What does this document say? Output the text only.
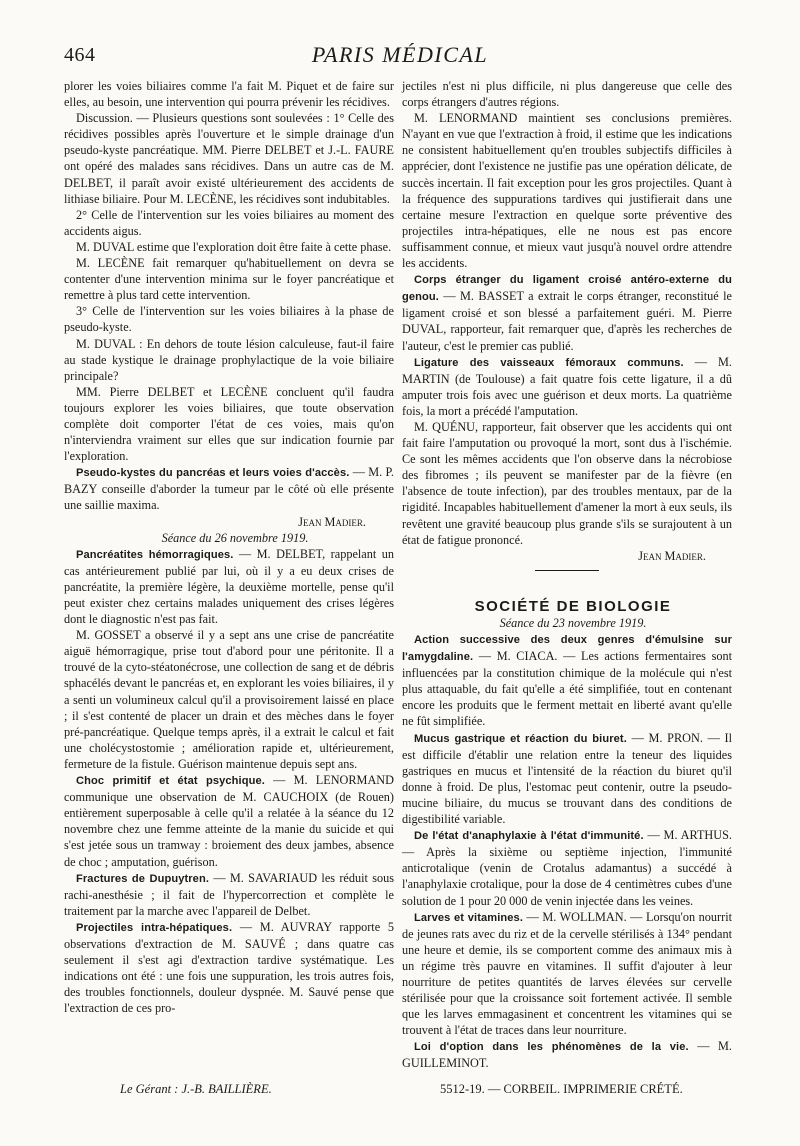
464	PARIS MÉDICAL

plorer les voies biliaires comme l'a fait M. Piquet et de faire sur elles, au besoin, une intervention qui pourra prévenir les récidives.

Discussion. — Plusieurs questions sont soulevées : 1° Celle des récidives possibles après l'ouverture et le simple drainage d'un pseudo-kyste pancréatique. MM. Pierre DELBET et J.-L. FAURE ont opéré des malades sans récidives. Dans un autre cas de M. DELBET, il paraît avoir existé ultérieurement des accidents de lithiase biliaire. Pour M. LECÈNE, les récidives sont indubitables.

2° Celle de l'intervention sur les voies biliaires au moment des accidents aigus.

M. DUVAL estime que l'exploration doit être faite à cette phase.

M. LECÈNE fait remarquer qu'habituellement on devra se contenter d'une intervention minima sur le foyer pancréatique et remettre à plus tard cette intervention.

3° Celle de l'intervention sur les voies biliaires à la phase de pseudo-kyste.

M. DUVAL : En dehors de toute lésion calculeuse, faut-il faire au stade kystique le drainage prophylactique de la voie biliaire principale?

MM. Pierre DELBET et LECÈNE concluent qu'il faudra toujours explorer les voies biliaires, que toute observation complète doit comporter l'état de ces voies, mais qu'on n'interviendra vraiment sur elles que sur indication fournie par l'exploration.

Pseudo-kystes du pancréas et leurs voies d'accès. — M. P. BAZY conseille d'aborder la tumeur par le côté où elle présente une saillie maxima.

Jean Madier.

Séance du 26 novembre 1919.

Pancréatites hémorragiques. — M. DELBET, rappelant un cas antérieurement publié par lui, où il y a eu deux crises de pancréatite, la première légère, la deuxième mortelle, pense qu'il peut exister chez certains malades uniquement des crises légères dont le diagnostic n'est pas fait.

M. GOSSET a observé il y a sept ans une crise de pancréatite aiguë hémorragique, prise tout d'abord pour une péritonite. Il a trouvé de la cyto-stéatonécrose, une collection de sang et de débris sphacélés devant le pancréas et, en explorant les voies biliaires, il y a senti un volumineux calcul qu'il a provisoirement laissé en place ; il s'est contenté de placer un drain et des mèches dans le foyer pré-pancréatique. Quelque temps après, il a extrait le calcul et fait une cholécystostomie ; amélioration rapide et, ultérieurement, fermeture de la fistule. Guérison maintenue depuis sept ans.

Choc primitif et état psychique. — M. LENORMAND communique une observation de M. CAUCHOIX (de Rouen) entièrement superposable à celle qu'il a relatée à la séance du 12 novembre chez une femme atteinte de la manie du suicide et qui s'est jetée sous un tramway : broiement des deux jambes, absence de choc ; amputation, guérison.

Fractures de Dupuytren. — M. SAVARIAUD les réduit sous rachi-anesthésie ; il fait de l'hypercorrection et complète le traitement par la marche avec l'appareil de Delbet.

Projectiles intra-hépatiques. — M. AUVRAY rapporte 5 observations d'extraction de M. SAUVÉ ; dans quatre cas seulement il s'est agi d'extraction tardive systématique. Les indications ont été : une fois une suppuration, les trois autres fois, des troubles fonctionnels, douleur dyspnée. M. Sauvé pense que l'extraction de ces pro-

jectiles n'est ni plus difficile, ni plus dangereuse que celle des corps étrangers d'autres régions.

M. LENORMAND maintient ses conclusions premières. N'ayant en vue que l'extraction à froid, il estime que les indications ne consistent habituellement qu'en troubles subjectifs difficiles à apprécier, dont l'existence ne justifie pas une opération délicate, de succès incertain. Il fait exception pour les gros projectiles. Quant à la fréquence des suppurations tardives qui justifierait dans une certaine mesure l'extraction en quelque sorte préventive des projectiles intra-hépatiques, elle ne nous est pas encore suffisamment connue, et mieux vaut jusqu'à nouvel ordre attendre les accidents.

Corps étranger du ligament croisé antéro-externe du genou. — M. BASSET a extrait le corps étranger, reconstitué le ligament croisé et son blessé a parfaitement guéri. M. Pierre DUVAL, rapporteur, fait remarquer que, d'après les recherches de l'auteur, c'est le premier cas publié.

Ligature des vaisseaux fémoraux communs. — M. MARTIN (de Toulouse) a fait quatre fois cette ligature, il a dû amputer trois fois avec une guérison et deux morts. La quatrième fois, la mort a précédé l'amputation.

M. QUÉNU, rapporteur, fait observer que les accidents qui ont fait faire l'amputation ou provoqué la mort, sont dus à l'ischémie. Ce sont les mêmes accidents que l'on observe dans la nécrobiose des fibromes ; ils peuvent se manifester par de la fièvre (en l'absence de toute infection), par des troubles mentaux, par de la rigidité. Incapables habituellement d'amener la mort à eux seuls, ils revêtent une gravité beaucoup plus grande s'ils se surajoutent à un état de fatigue prononcé.

Jean Madier.

SOCIÉTÉ DE BIOLOGIE

Séance du 23 novembre 1919.

Action successive des deux genres d'émulsine sur l'amygdaline. — M. CIACA. — Les actions fermentaires sont influencées par la constitution chimique de la molécule qui n'est plus attaquable, du fait qu'elle a été simplifiée, tout en contenant encore les produits que le ferment mettait en liberté avant qu'elle ne fût simplifiée.

Mucus gastrique et réaction du biuret. — M. PRON. — Il est difficile d'établir une relation entre la teneur des liquides gastriques en mucus et l'intensité de la réaction du biuret qu'il donne à froid. De plus, l'estomac peut contenir, outre la pseudo-mucine biliaire, du mucus se trouvant dans des conditions de digestibilité variable.

De l'état d'anaphylaxie à l'état d'immunité. — M. ARTHUS. — Après la sixième ou septième injection, l'immunité anticrotalique (venin de Crotalus adamantus) a succédé à l'anaphylaxie crotalique, pour la dose de 4 centimètres cubes d'une solution de 1 pour 20 000 de venin injectée dans les veines.

Larves et vitamines. — M. WOLLMAN. — Lorsqu'on nourrit de jeunes rats avec du riz et de la cervelle stérilisés à 134° pendant une heure et demie, ils se comportent comme des animaux mis à un régime très pauvre en vitamines. Il suffit d'ajouter à leur nourriture de petites quantités de larves élevées sur cervelle stérilisée pour que la croissance soit fortement activée. Il semble que les larves emmagasinent et concentrent les vitamines qui se trouvent à l'état de traces dans leur nourriture.

Loi d'option dans les phénomènes de la vie. — M. GUILLEMINOT.

Le Gérant : J.-B. BAILLIÈRE.	5512-19. — CORBEIL. IMPRIMERIE CRÉTÉ.
